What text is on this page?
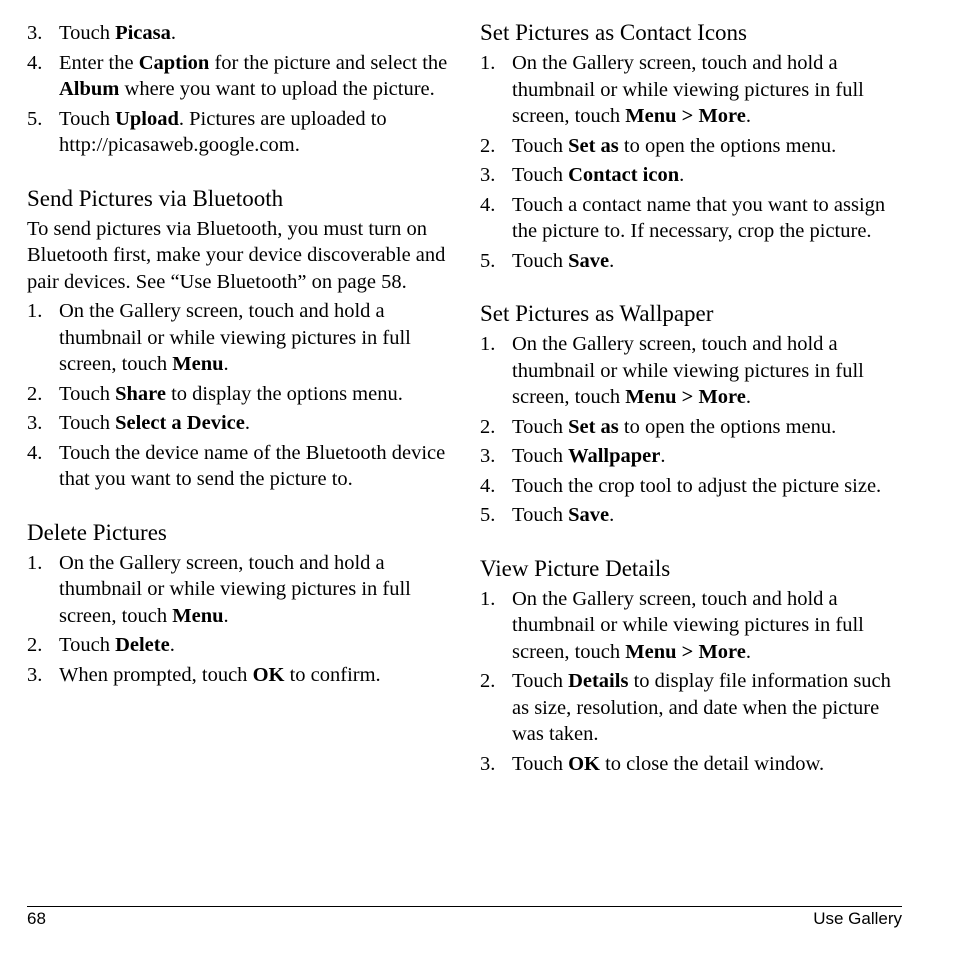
3. Touch Picasa.
4. Enter the Caption for the picture and select the Album where you want to upload the picture.
5. Touch Upload. Pictures are uploaded to http://picasaweb.google.com.
Send Pictures via Bluetooth
To send pictures via Bluetooth, you must turn on Bluetooth first, make your device discoverable and pair devices. See “Use Bluetooth” on page 58.
1. On the Gallery screen, touch and hold a thumbnail or while viewing pictures in full screen, touch Menu.
2. Touch Share to display the options menu.
3. Touch Select a Device.
4. Touch the device name of the Bluetooth device that you want to send the picture to.
Delete Pictures
1. On the Gallery screen, touch and hold a thumbnail or while viewing pictures in full screen, touch Menu.
2. Touch Delete.
3. When prompted, touch OK to confirm.
Set Pictures as Contact Icons
1. On the Gallery screen, touch and hold a thumbnail or while viewing pictures in full screen, touch Menu > More.
2. Touch Set as to open the options menu.
3. Touch Contact icon.
4. Touch a contact name that you want to assign the picture to. If necessary, crop the picture.
5. Touch Save.
Set Pictures as Wallpaper
1. On the Gallery screen, touch and hold a thumbnail or while viewing pictures in full screen, touch Menu > More.
2. Touch Set as to open the options menu.
3. Touch Wallpaper.
4. Touch the crop tool to adjust the picture size.
5. Touch Save.
View Picture Details
1. On the Gallery screen, touch and hold a thumbnail or while viewing pictures in full screen, touch Menu > More.
2. Touch Details to display file information such as size, resolution, and date when the picture was taken.
3. Touch OK to close the detail window.
68	Use Gallery
